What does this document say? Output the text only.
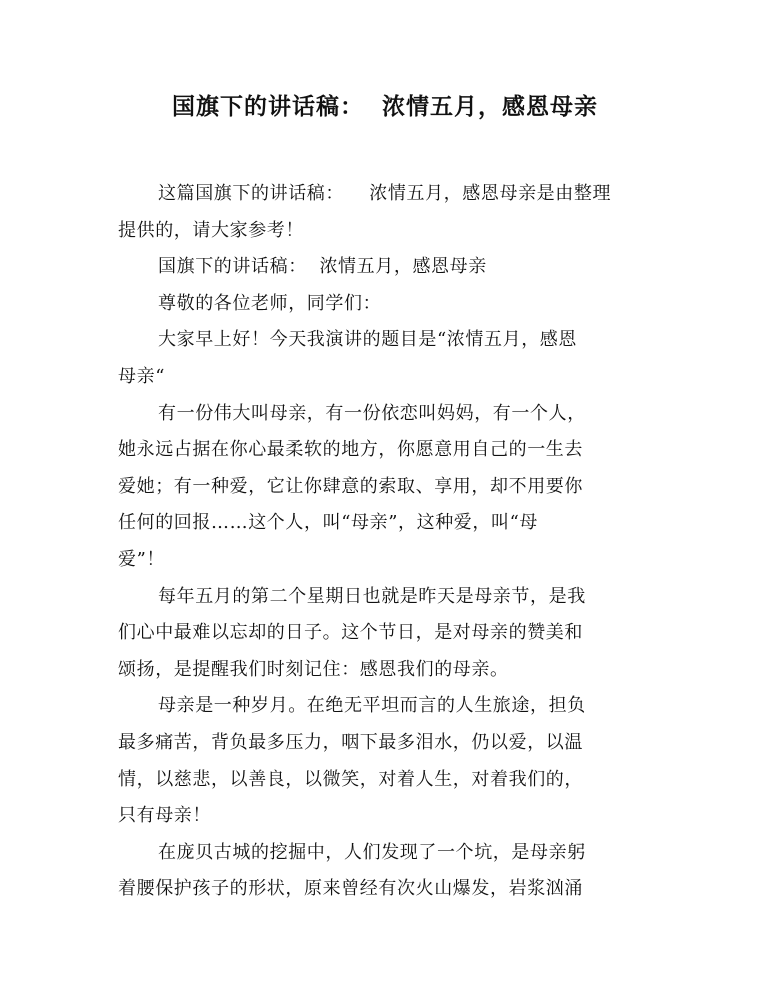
国旗下的讲话稿：  浓情五月，感恩母亲
这篇国旗下的讲话稿：    浓情五月，感恩母亲是由整理
提供的，请大家参考！
国旗下的讲话稿：  浓情五月，感恩母亲
尊敬的各位老师，同学们：
大家早上好！今天我演讲的题目是“浓情五月，感恩
母亲“
有一份伟大叫母亲，有一份依恋叫妈妈，有一个人，
她永远占据在你心最柔软的地方，你愿意用自己的一生去
爱她；有一种爱，它让你肆意的索取、享用，却不用要你
任何的回报……这个人，叫“母亲”，这种爱，叫“母
爱”！
每年五月的第二个星期日也就是昨天是母亲节，是我
们心中最难以忘却的日子。这个节日，是对母亲的赞美和
颂扬，是提醒我们时刻记住：感恩我们的母亲。
母亲是一种岁月。在绝无平坦而言的人生旅途，担负
最多痛苦，背负最多压力，咽下最多泪水，仍以爱，以温
情，以慈悲，以善良，以微笑，对着人生，对着我们的，
只有母亲！
在庞贝古城的挖掘中，人们发现了一个坑，是母亲躬
着腰保护孩子的形状，原来曾经有次火山爆发，岩浆汹涌
